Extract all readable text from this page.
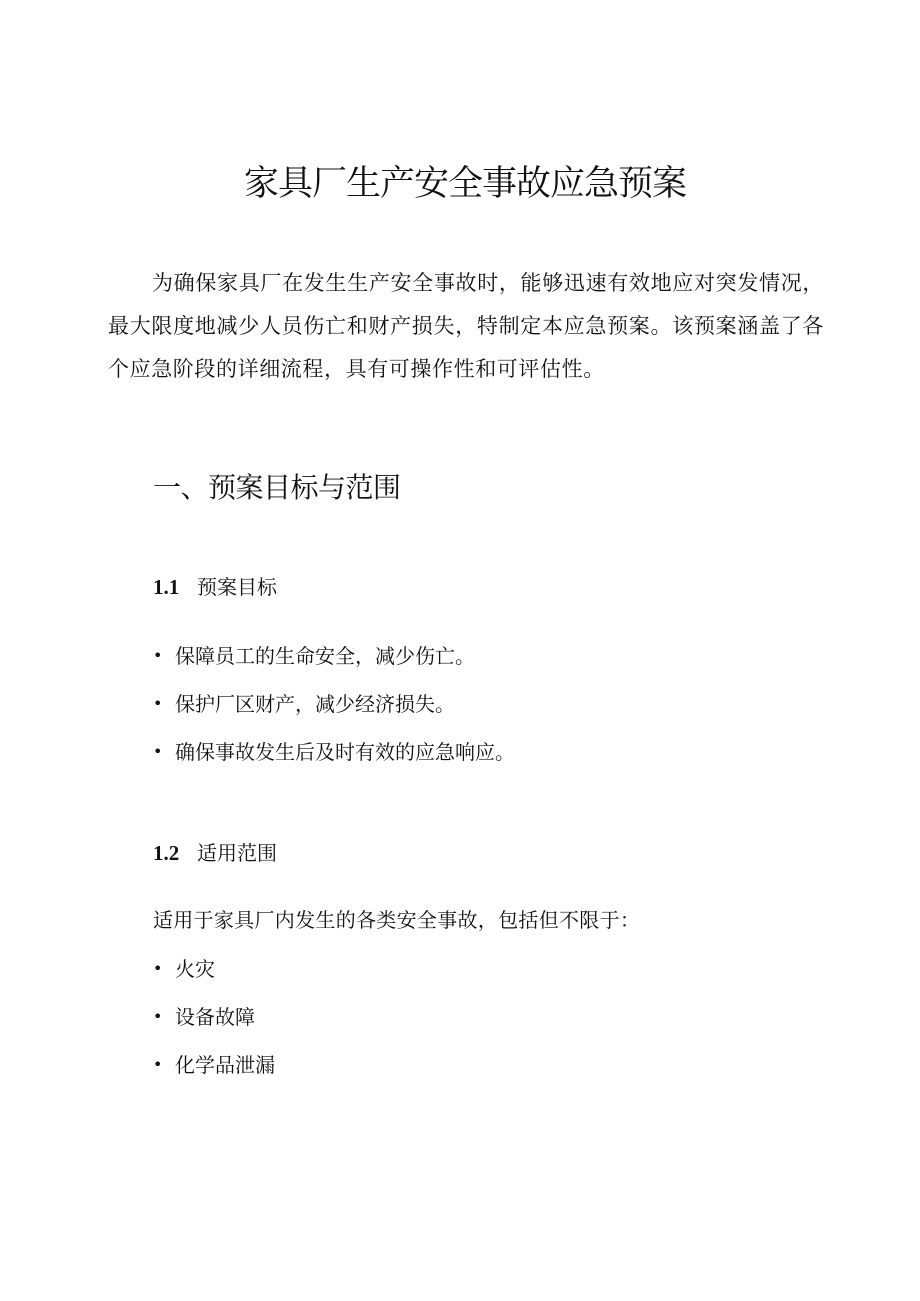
家具厂生产安全事故应急预案

为确保家具厂在发生生产安全事故时，能够迅速有效地应对突发情况，最大限度地减少人员伤亡和财产损失，特制定本应急预案。该预案涵盖了各个应急阶段的详细流程，具有可操作性和可评估性。

一、预案目标与范围
1.1 预案目标
• 保障员工的生命安全，减少伤亡。
• 保护厂区财产，减少经济损失。
• 确保事故发生后及时有效的应急响应。
1.2 适用范围

适用于家具厂内发生的各类安全事故，包括但不限于：

• 火灾
• 设备故障
• 化学品泄漏
